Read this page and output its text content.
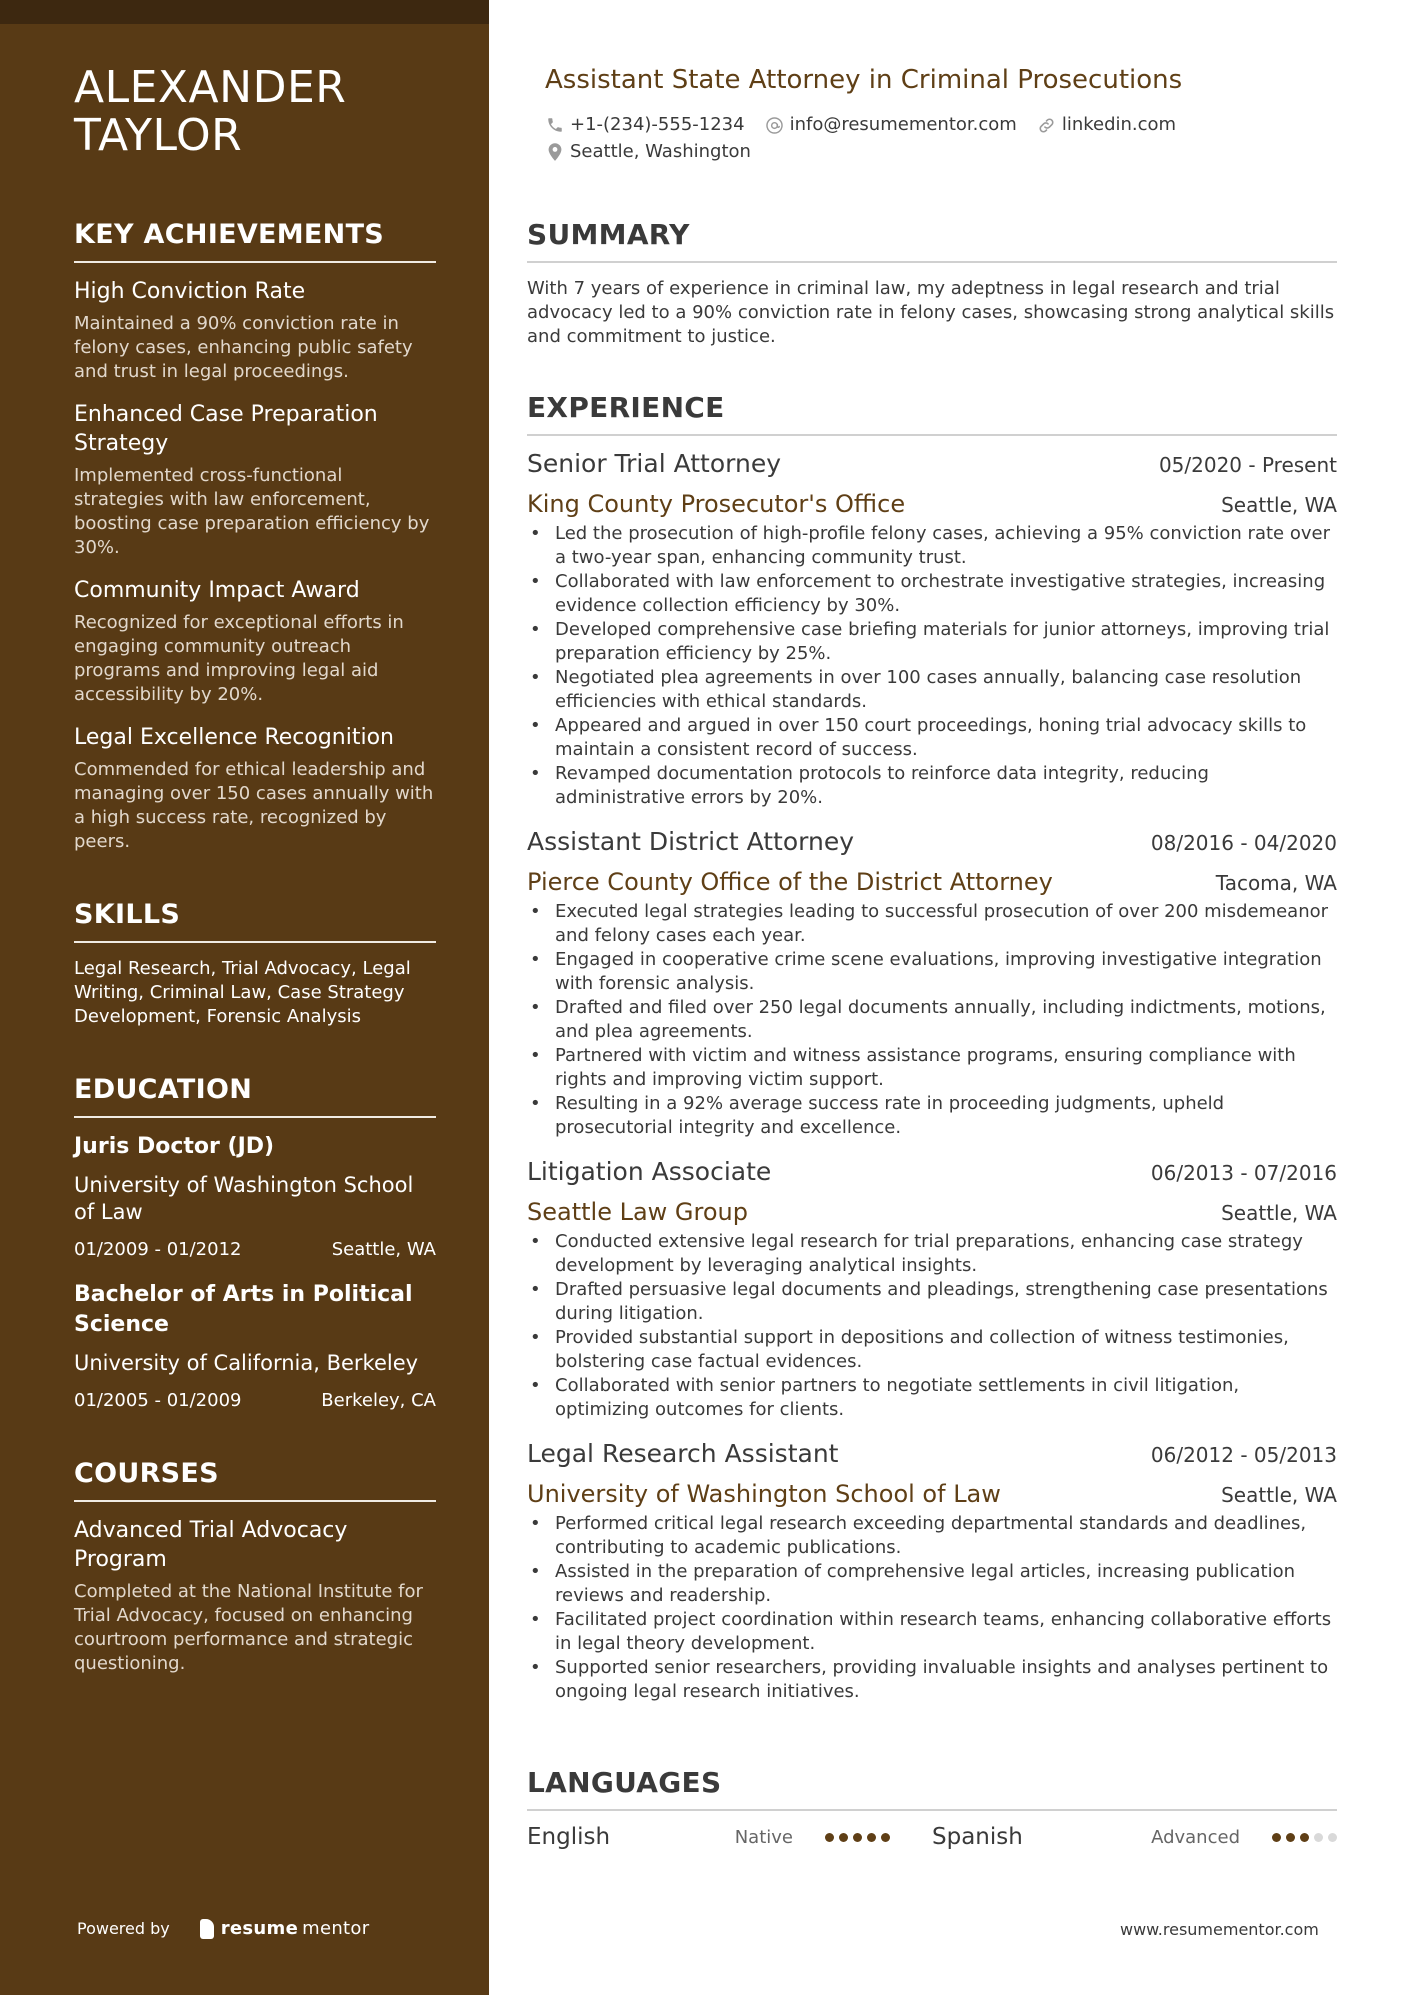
ALEXANDER
TAYLOR
KEY ACHIEVEMENTS
High Conviction Rate
Maintained a 90% conviction rate in felony cases, enhancing public safety and trust in legal proceedings.
Enhanced Case Preparation Strategy
Implemented cross-functional strategies with law enforcement, boosting case preparation efficiency by 30%.
Community Impact Award
Recognized for exceptional efforts in engaging community outreach programs and improving legal aid accessibility by 20%.
Legal Excellence Recognition
Commended for ethical leadership and managing over 150 cases annually with a high success rate, recognized by peers.
SKILLS
Legal Research, Trial Advocacy, Legal Writing, Criminal Law, Case Strategy Development, Forensic Analysis
EDUCATION
Juris Doctor (JD)
University of Washington School of Law
01/2009 - 01/2012	Seattle, WA
Bachelor of Arts in Political Science
University of California, Berkeley
01/2005 - 01/2009	Berkeley, CA
COURSES
Advanced Trial Advocacy Program
Completed at the National Institute for Trial Advocacy, focused on enhancing courtroom performance and strategic questioning.
Powered by	resume mentor
Assistant State Attorney in Criminal Prosecutions
+1-(234)-555-1234	info@resumementor.com	linkedin.com
Seattle, Washington
SUMMARY

With 7 years of experience in criminal law, my adeptness in legal research and trial advocacy led to a 90% conviction rate in felony cases, showcasing strong analytical skills and commitment to justice.

EXPERIENCE
Senior Trial Attorney	05/2020 - Present
King County Prosecutor's Office	Seattle, WA
• Led the prosecution of high-profile felony cases, achieving a 95% conviction rate over a two-year span, enhancing community trust.
• Collaborated with law enforcement to orchestrate investigative strategies, increasing evidence collection efficiency by 30%.
• Developed comprehensive case briefing materials for junior attorneys, improving trial preparation efficiency by 25%.
• Negotiated plea agreements in over 100 cases annually, balancing case resolution efficiencies with ethical standards.
• Appeared and argued in over 150 court proceedings, honing trial advocacy skills to maintain a consistent record of success.
• Revamped documentation protocols to reinforce data integrity, reducing administrative errors by 20%.
Assistant District Attorney	08/2016 - 04/2020
Pierce County Office of the District Attorney	Tacoma, WA
• Executed legal strategies leading to successful prosecution of over 200 misdemeanor and felony cases each year.
• Engaged in cooperative crime scene evaluations, improving investigative integration with forensic analysis.
• Drafted and filed over 250 legal documents annually, including indictments, motions, and plea agreements.
• Partnered with victim and witness assistance programs, ensuring compliance with rights and improving victim support.
• Resulting in a 92% average success rate in proceeding judgments, upheld prosecutorial integrity and excellence.
Litigation Associate	06/2013 - 07/2016
Seattle Law Group	Seattle, WA
• Conducted extensive legal research for trial preparations, enhancing case strategy development by leveraging analytical insights.
• Drafted persuasive legal documents and pleadings, strengthening case presentations during litigation.
• Provided substantial support in depositions and collection of witness testimonies, bolstering case factual evidences.
• Collaborated with senior partners to negotiate settlements in civil litigation, optimizing outcomes for clients.
Legal Research Assistant	06/2012 - 05/2013
University of Washington School of Law	Seattle, WA
• Performed critical legal research exceeding departmental standards and deadlines, contributing to academic publications.
• Assisted in the preparation of comprehensive legal articles, increasing publication reviews and readership.
• Facilitated project coordination within research teams, enhancing collaborative efforts in legal theory development.
• Supported senior researchers, providing invaluable insights and analyses pertinent to ongoing legal research initiatives.
LANGUAGES
English	Native	Spanish	Advanced
www.resumementor.com
